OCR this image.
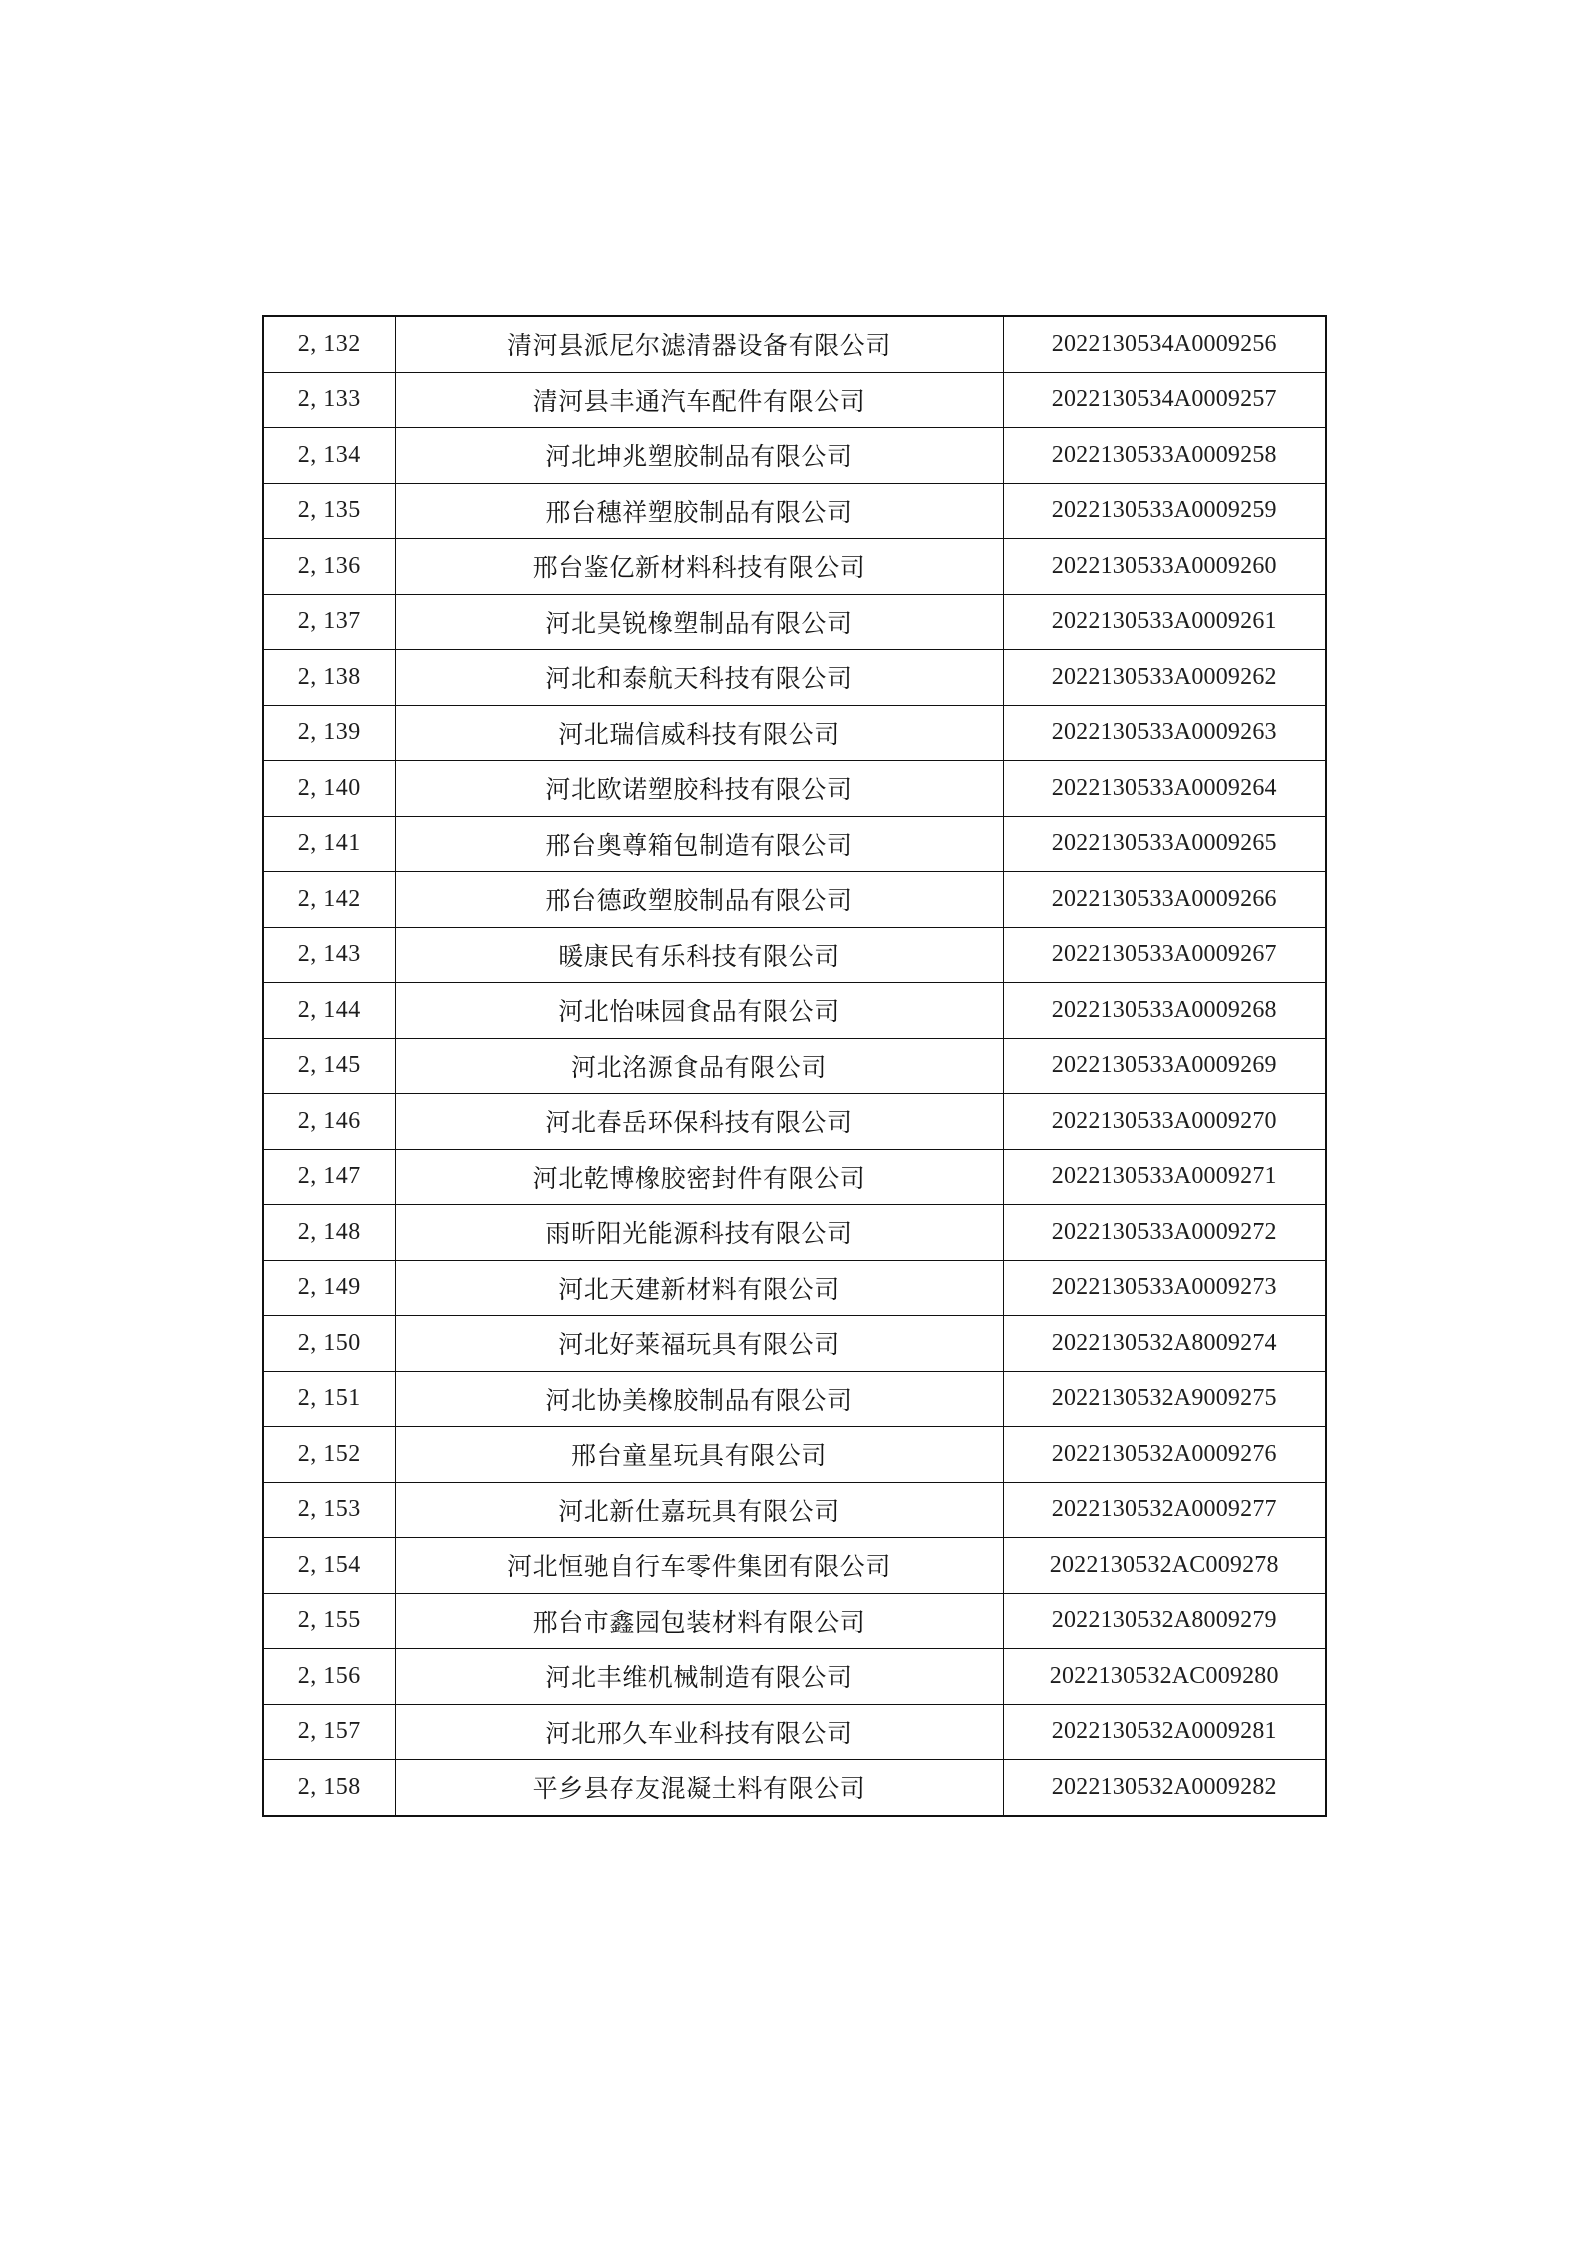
2, 132	清河县派尼尔滤清器设备有限公司	2022130534A0009256
2, 133	清河县丰通汽车配件有限公司	2022130534A0009257
2, 134	河北坤兆塑胶制品有限公司	2022130533A0009258
2, 135	邢台穗祥塑胶制品有限公司	2022130533A0009259
2, 136	邢台鉴亿新材料科技有限公司	2022130533A0009260
2, 137	河北昊锐橡塑制品有限公司	2022130533A0009261
2, 138	河北和泰航天科技有限公司	2022130533A0009262
2, 139	河北瑞信威科技有限公司	2022130533A0009263
2, 140	河北欧诺塑胶科技有限公司	2022130533A0009264
2, 141	邢台奥尊箱包制造有限公司	2022130533A0009265
2, 142	邢台德政塑胶制品有限公司	2022130533A0009266
2, 143	暖康民有乐科技有限公司	2022130533A0009267
2, 144	河北怡味园食品有限公司	2022130533A0009268
2, 145	河北洺源食品有限公司	2022130533A0009269
2, 146	河北春岳环保科技有限公司	2022130533A0009270
2, 147	河北乾博橡胶密封件有限公司	2022130533A0009271
2, 148	雨昕阳光能源科技有限公司	2022130533A0009272
2, 149	河北天建新材料有限公司	2022130533A0009273
2, 150	河北好莱福玩具有限公司	2022130532A8009274
2, 151	河北协美橡胶制品有限公司	2022130532A9009275
2, 152	邢台童星玩具有限公司	2022130532A0009276
2, 153	河北新仕嘉玩具有限公司	2022130532A0009277
2, 154	河北恒驰自行车零件集团有限公司	2022130532AC009278
2, 155	邢台市鑫园包装材料有限公司	2022130532A8009279
2, 156	河北丰维机械制造有限公司	2022130532AC009280
2, 157	河北邢久车业科技有限公司	2022130532A0009281
2, 158	平乡县存友混凝土料有限公司	2022130532A0009282
